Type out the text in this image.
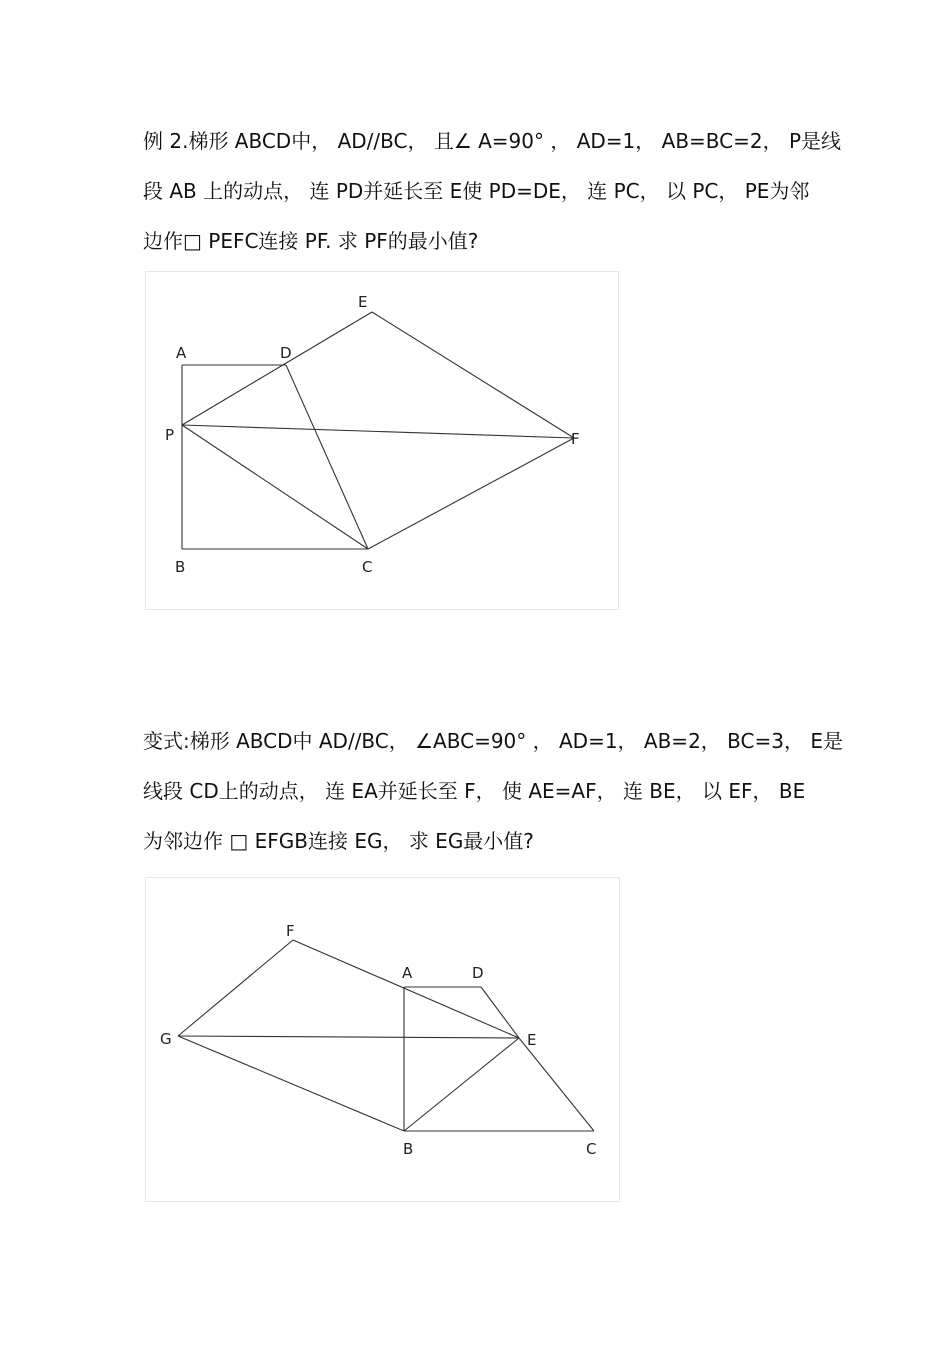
例 2.梯形 ABCD中， AD//BC， 且∠ A=90° ， AD=1， AB=BC=2， P是线
段 AB 上的动点， 连 PD并延长至 E使 PD=DE， 连 PC， 以 PC， PE为邻
边作□ PEFC连接 PF. 求 PF的最小值?
A	D
E
P	F
B	C
变式:梯形 ABCD中 AD//BC， ∠ABC=90° ， AD=1， AB=2， BC=3， E是
线段 CD上的动点， 连 EA并延长至 F， 使 AE=AF， 连 BE， 以 EF， BE
为邻边作 □ EFGB连接 EG， 求 EG最小值?
F
A	D
G	E
B	C
